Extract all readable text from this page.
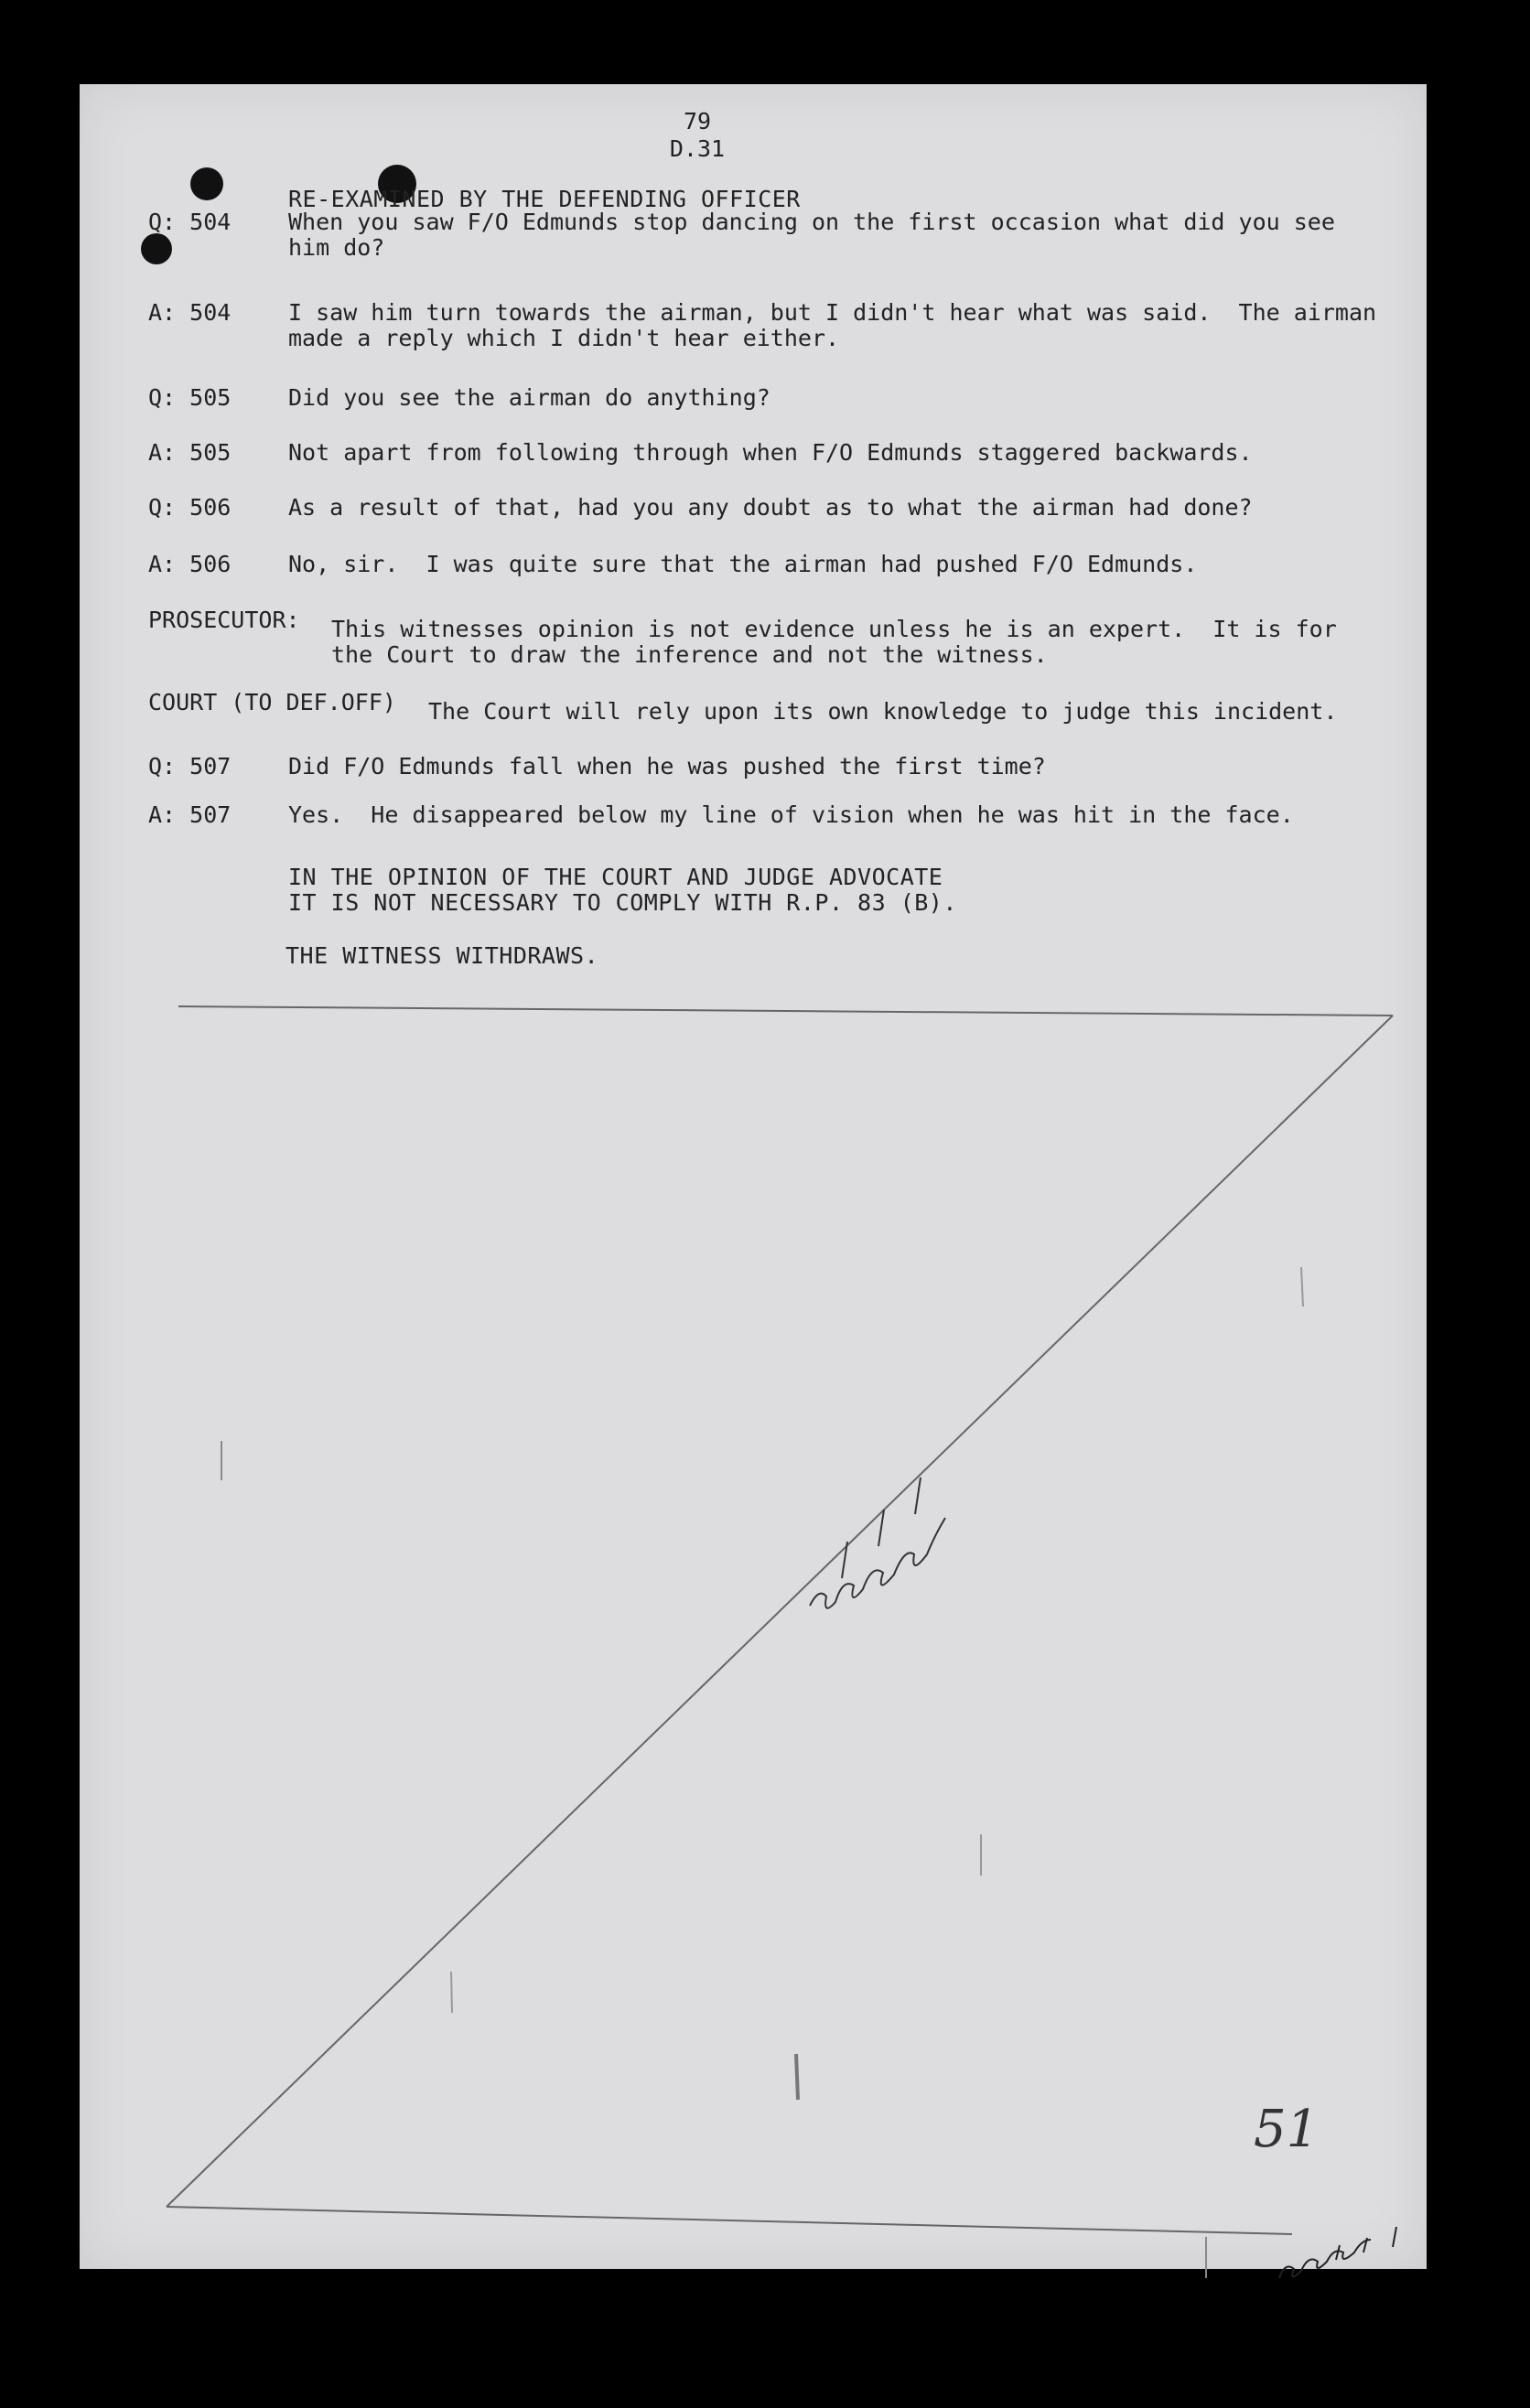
79
D.31
RE-EXAMINED BY THE DEFENDING OFFICER
Q: 504	When you saw F/O Edmunds stop dancing on the first occasion what did you see
him do?
A: 504	I saw him turn towards the airman, but I didn't hear what was said.  The airman
made a reply which I didn't hear either.
Q: 505	Did you see the airman do anything?
A: 505	Not apart from following through when F/O Edmunds staggered backwards.
Q: 506	As a result of that, had you any doubt as to what the airman had done?
A: 506	No, sir.  I was quite sure that the airman had pushed F/O Edmunds.
PROSECUTOR: This witnesses opinion is not evidence unless he is an expert.  It is for
the Court to draw the inference and not the witness.
COURT (TO DEF.OFF) The Court will rely upon its own knowledge to judge this incident.
Q: 507	Did F/O Edmunds fall when he was pushed the first time?
A: 507	Yes.  He disappeared below my line of vision when he was hit in the face.
IN THE OPINION OF THE COURT AND JUDGE ADVOCATE
IT IS NOT NECESSARY TO COMPLY WITH R.P. 83 (B).
THE WITNESS WITHDRAWS.
51
